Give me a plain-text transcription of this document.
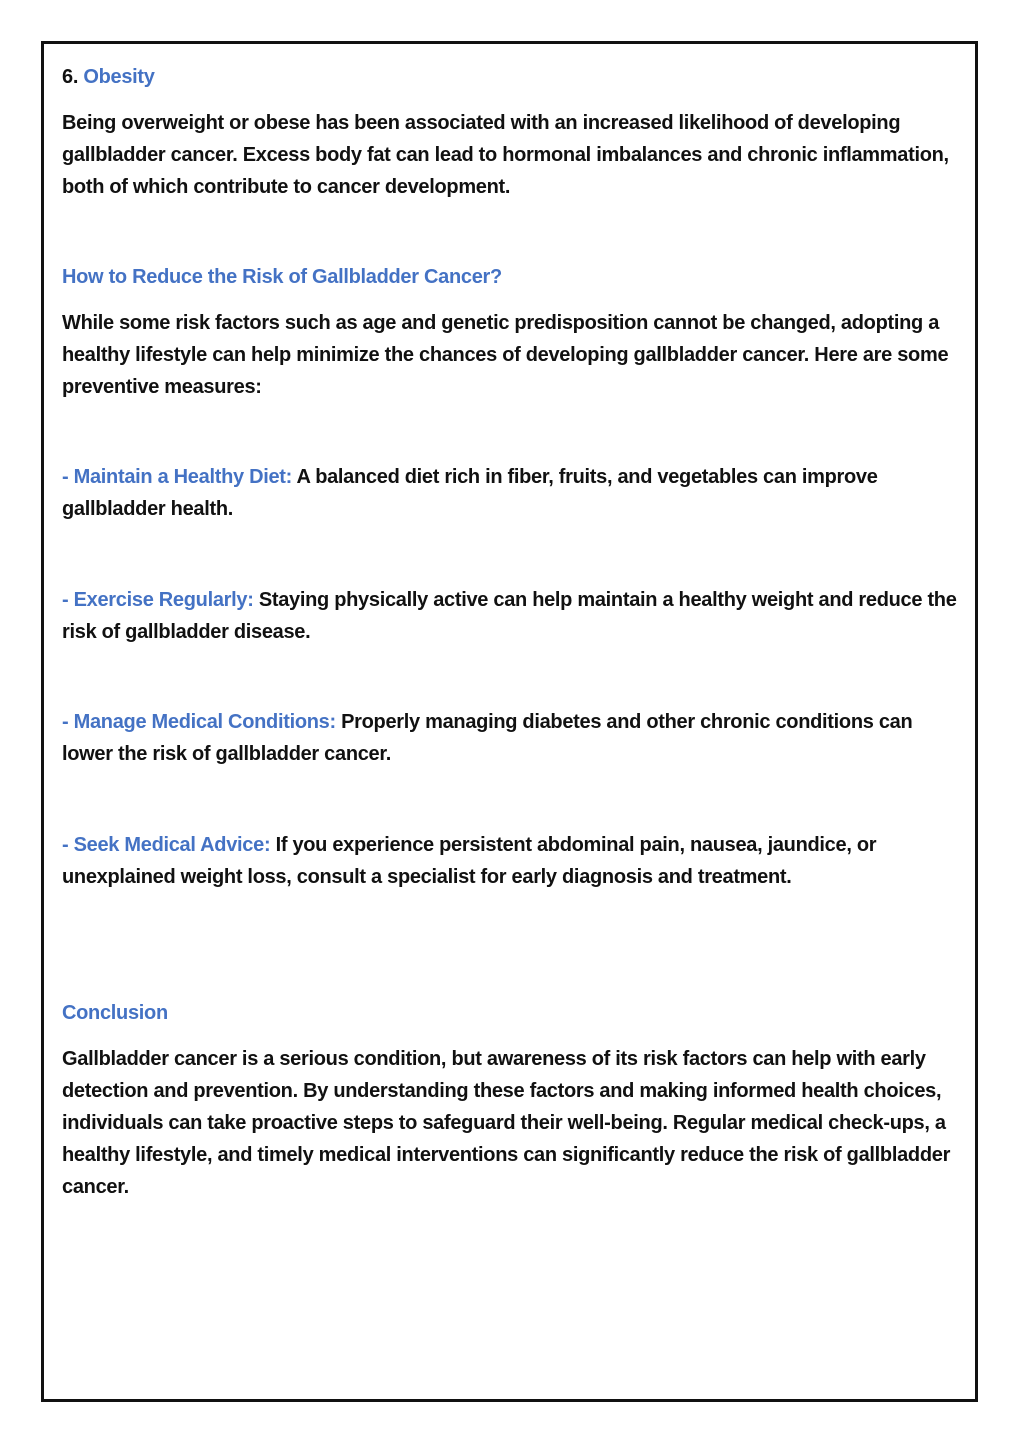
6. Obesity

Being overweight or obese has been associated with an increased likelihood of developing gallbladder cancer. Excess body fat can lead to hormonal imbalances and chronic inflammation, both of which contribute to cancer development.

How to Reduce the Risk of Gallbladder Cancer?

While some risk factors such as age and genetic predisposition cannot be changed, adopting a healthy lifestyle can help minimize the chances of developing gallbladder cancer. Here are some preventive measures:

- Maintain a Healthy Diet: A balanced diet rich in fiber, fruits, and vegetables can improve gallbladder health.

- Exercise Regularly: Staying physically active can help maintain a healthy weight and reduce the risk of gallbladder disease.

- Manage Medical Conditions: Properly managing diabetes and other chronic conditions can lower the risk of gallbladder cancer.

- Seek Medical Advice: If you experience persistent abdominal pain, nausea, jaundice, or unexplained weight loss, consult a specialist for early diagnosis and treatment.

Conclusion

Gallbladder cancer is a serious condition, but awareness of its risk factors can help with early detection and prevention. By understanding these factors and making informed health choices, individuals can take proactive steps to safeguard their well-being. Regular medical check-ups, a healthy lifestyle, and timely medical interventions can significantly reduce the risk of gallbladder cancer.
